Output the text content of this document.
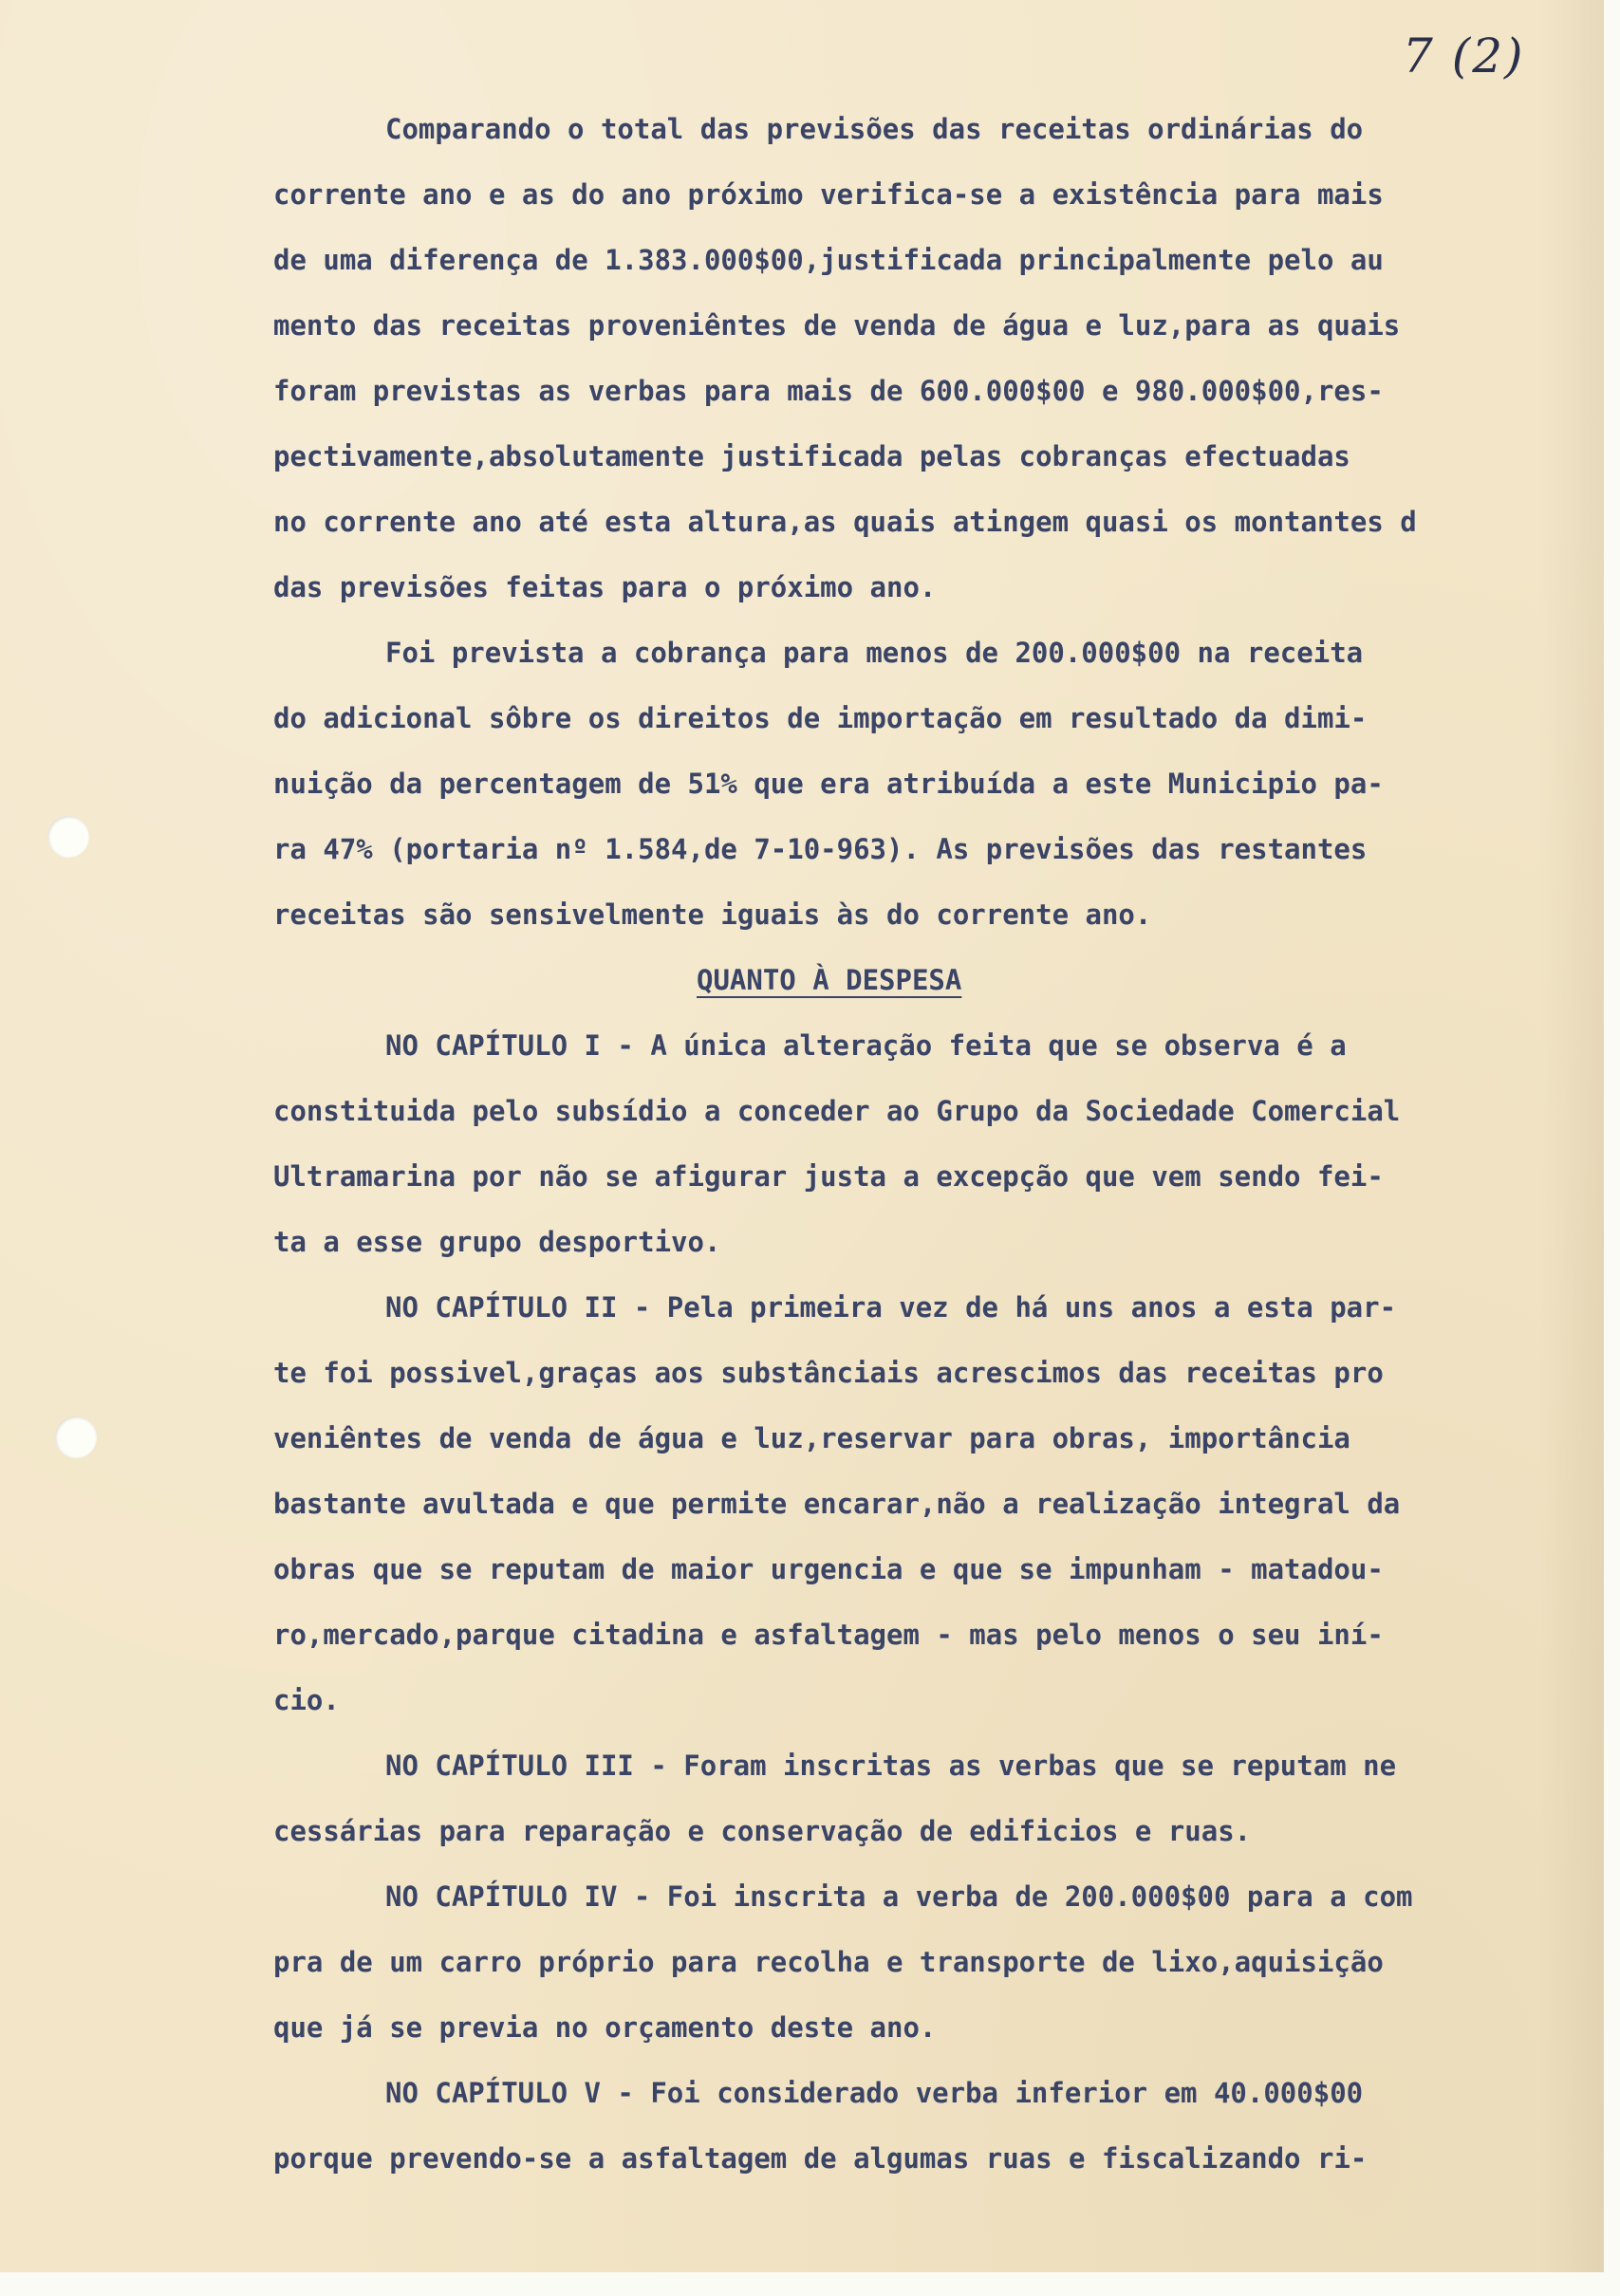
7 (2)
Comparando o total das previsões das receitas ordinárias do
corrente ano e as do ano próximo verifica-se a existência para mais
de uma diferença de 1.383.000$00,justificada principalmente pelo au
mento das receitas proveniêntes de venda de água e luz,para as quais
foram previstas as verbas para mais de 600.000$00 e 980.000$00,res-
pectivamente,absolutamente justificada pelas cobranças efectuadas
no corrente ano até esta altura,as quais atingem quasi os montantes d
das previsões feitas para o próximo ano.
Foi prevista a cobrança para menos de 200.000$00 na receita
do adicional sôbre os direitos de importação em resultado da dimi-
nuição da percentagem de 51% que era atribuída a este Municipio pa-
ra 47% (portaria nº 1.584,de 7-10-963). As previsões das restantes
receitas são sensivelmente iguais às do corrente ano.
QUANTO À DESPESA
NO CAPÍTULO I - A única alteração feita que se observa é a
constituida pelo subsídio a conceder ao Grupo da Sociedade Comercial
Ultramarina por não se afigurar justa a excepção que vem sendo fei-
ta a esse grupo desportivo.
NO CAPÍTULO II - Pela primeira vez de há uns anos a esta par-
te foi possivel,graças aos substânciais acrescimos das receitas pro
veniêntes de venda de água e luz,reservar para obras, importância
bastante avultada e que permite encarar,não a realização integral da
obras que se reputam de maior urgencia e que se impunham - matadou-
ro,mercado,parque citadina e asfaltagem - mas pelo menos o seu iní-
cio.
NO CAPÍTULO III - Foram inscritas as verbas que se reputam ne
cessárias para reparação e conservação de edificios e ruas.
NO CAPÍTULO IV - Foi inscrita a verba de 200.000$00 para a com
pra de um carro próprio para recolha e transporte de lixo,aquisição
que já se previa no orçamento deste ano.
NO CAPÍTULO V - Foi considerado verba inferior em 40.000$00
porque prevendo-se a asfaltagem de algumas ruas e fiscalizando ri-
